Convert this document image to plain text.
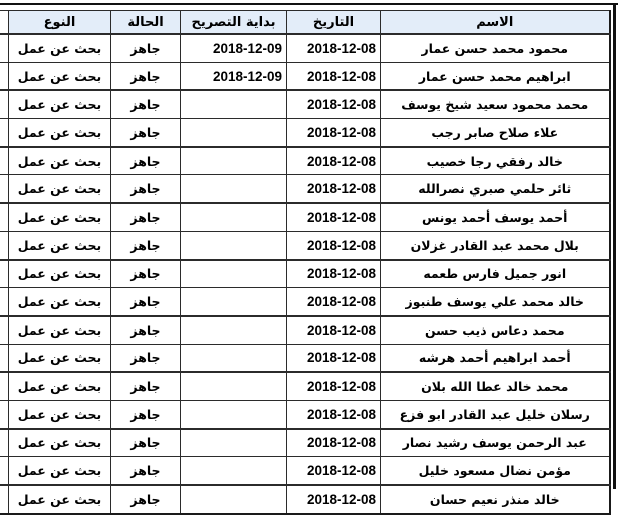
الاسم	التاريخ	بداية التصريح	الحالة	النوع	
محمود محمد حسن عمار	2018-12-08	2018-12-09	جاهز	بحث عن عمل	
ابراهيم محمد حسن عمار	2018-12-08	2018-12-09	جاهز	بحث عن عمل	
محمد محمود سعيد شيخ يوسف	2018-12-08		جاهز	بحث عن عمل	
علاء صلاح صابر رجب	2018-12-08		جاهز	بحث عن عمل	
خالد رفقي رجا خصيب	2018-12-08		جاهز	بحث عن عمل	
ثائر حلمي صبري نصرالله	2018-12-08		جاهز	بحث عن عمل	
أحمد يوسف أحمد يونس	2018-12-08		جاهز	بحث عن عمل	
بلال محمد عبد القادر غزلان	2018-12-08		جاهز	بحث عن عمل	
انور جميل فارس طعمه	2018-12-08		جاهز	بحث عن عمل	
خالد محمد علي يوسف طنبوز	2018-12-08		جاهز	بحث عن عمل	
محمد دعاس ذيب حسن	2018-12-08		جاهز	بحث عن عمل	
أحمد ابراهيم أحمد هرشه	2018-12-08		جاهز	بحث عن عمل	
محمد خالد عطا الله بلان	2018-12-08		جاهز	بحث عن عمل	
رسلان خليل عبد القادر ابو فزع	2018-12-08		جاهز	بحث عن عمل	
عبد الرحمن يوسف رشيد نصار	2018-12-08		جاهز	بحث عن عمل	
مؤمن نضال مسعود خليل	2018-12-08		جاهز	بحث عن عمل	
خالد منذر نعيم حسان	2018-12-08		جاهز	بحث عن عمل	
